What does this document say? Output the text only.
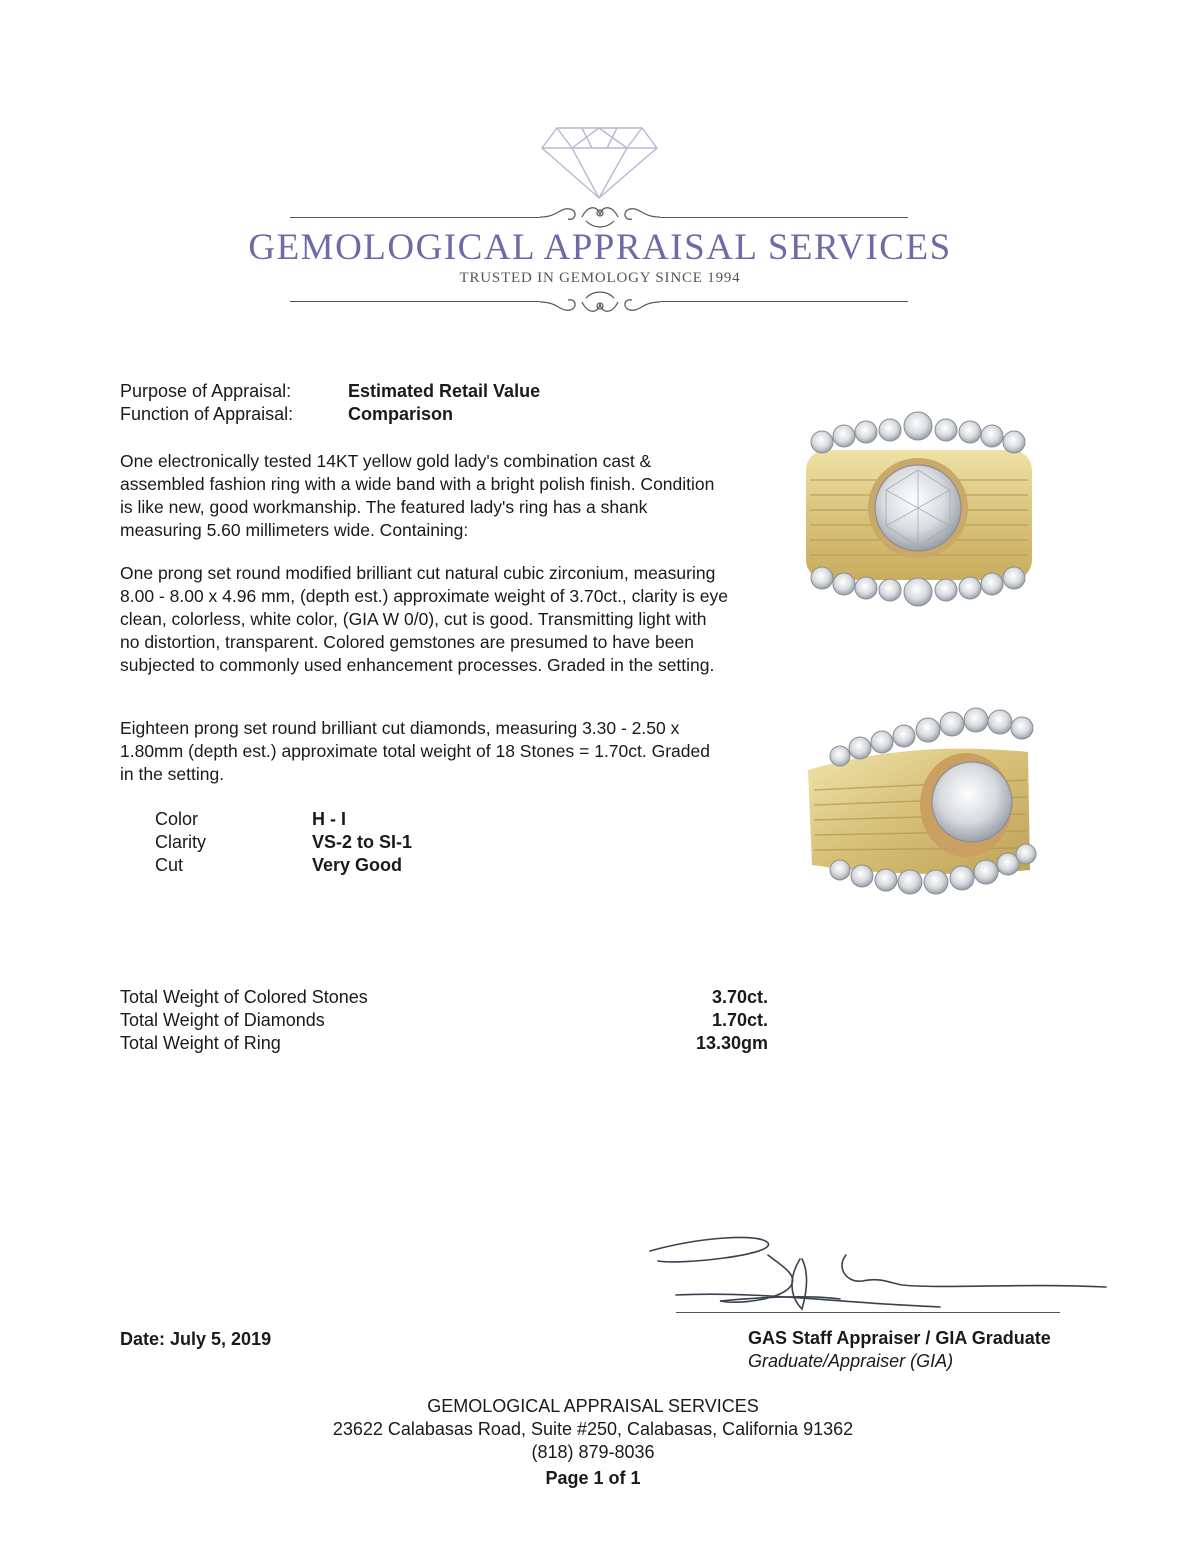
GEMOLOGICAL APPRAISAL SERVICES
TRUSTED IN GEMOLOGY SINCE 1994
Purpose of Appraisal:	Estimated Retail Value
Function of Appraisal:	Comparison
One electronically tested 14KT yellow gold lady's combination cast & assembled fashion ring with a wide band with a bright polish finish. Condition is like new, good workmanship. The featured lady's ring has a shank measuring 5.60 millimeters wide. Containing:
One prong set round modified brilliant cut natural cubic zirconium, measuring 8.00 - 8.00 x 4.96 mm, (depth est.) approximate weight of 3.70ct., clarity is eye clean, colorless, white color, (GIA W 0/0), cut is good. Transmitting light with no distortion, transparent. Colored gemstones are presumed to have been subjected to commonly used enhancement processes. Graded in the setting.
Eighteen prong set round brilliant cut diamonds, measuring 3.30 - 2.50 x 1.80mm (depth est.) approximate total weight of 18 Stones = 1.70ct. Graded in the setting.
Color	H - I
Clarity	VS-2 to SI-1
Cut	Very Good
Total Weight of Colored Stones	3.70ct.
Total Weight of Diamonds	1.70ct.
Total Weight of Ring	13.30gm
Date: July 5, 2019	GAS Staff Appraiser / GIA Graduate
Graduate/Appraiser (GIA)
GEMOLOGICAL APPRAISAL SERVICES
23622 Calabasas Road, Suite #250, Calabasas, California 91362
(818) 879-8036
Page 1 of 1
